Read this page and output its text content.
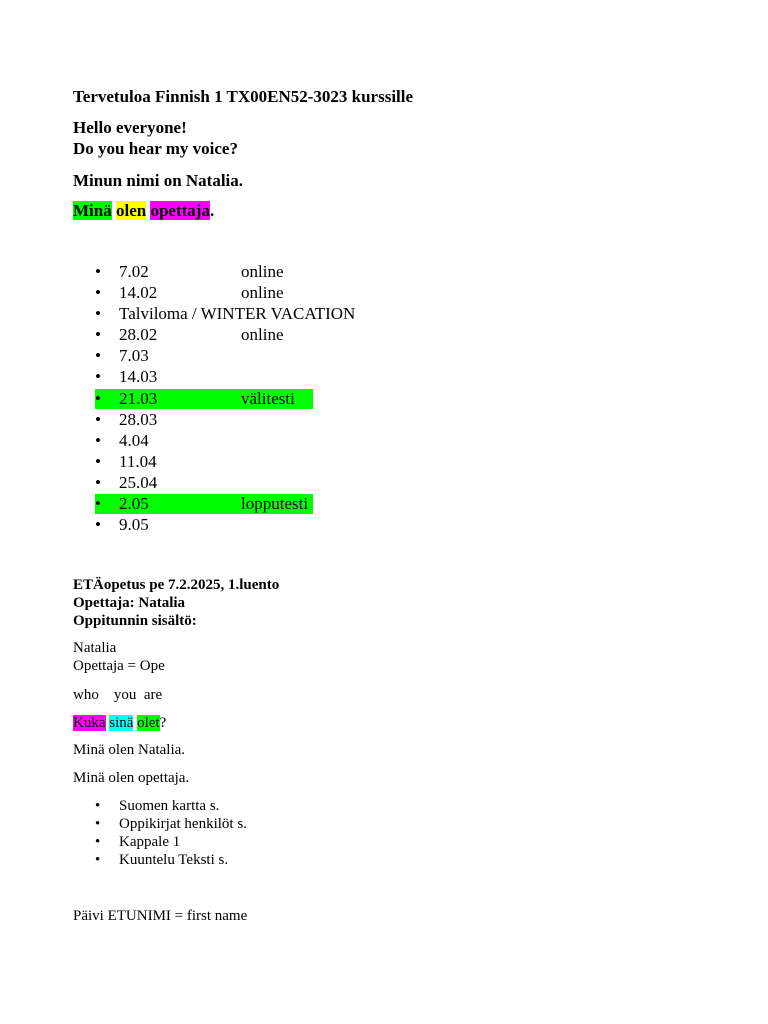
Tervetuloa Finnish 1 TX00EN52-3023 kurssille
Hello everyone!
Do you hear my voice?
Minun nimi on Natalia.
Minä olen opettaja.
•	7.02	online
•	14.02	online
•	Talviloma / WINTER VACATION
•	28.02	online
•	7.03
•	14.03
•	21.03	välitesti
•	28.03
•	4.04
•	11.04
•	25.04
•	2.05	lopputesti
•	9.05
ETÄopetus pe 7.2.2025, 1.luento
Opettaja: Natalia
Oppitunnin sisältö:
Natalia
Opettaja = Ope
who    you  are
Kuka sinä olet?
Minä olen Natalia.
Minä olen opettaja.
• Suomen kartta s.
• Oppikirjat henkilöt s.
• Kappale 1
• Kuuntelu Teksti s.
Päivi ETUNIMI = first name
